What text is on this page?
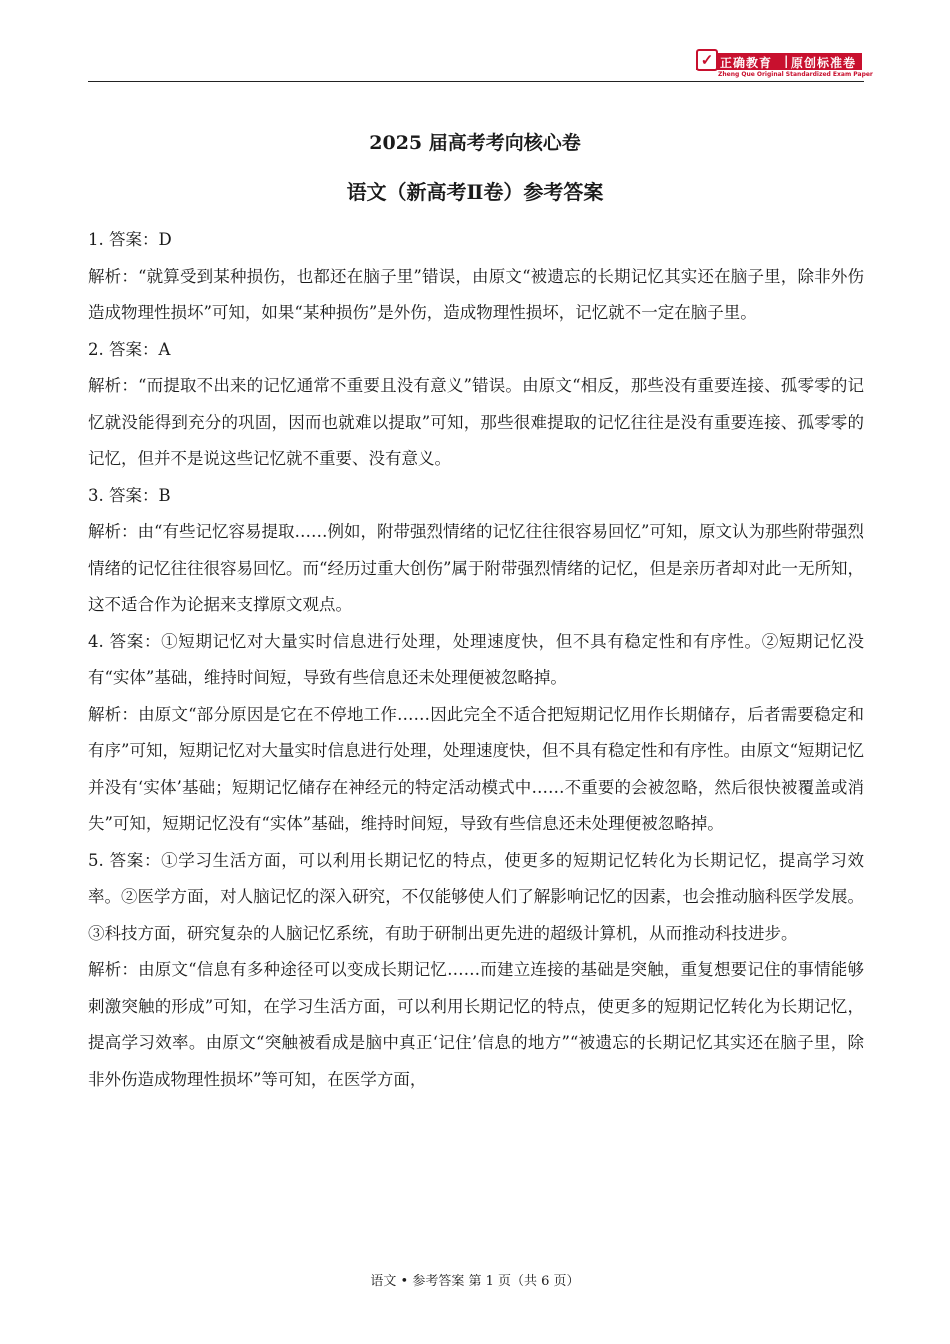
正确教育 | 原创标准卷
✓
Zheng Que Original Standardized Exam Paper
2025 届高考考向核心卷
语文（新高考Ⅱ卷）参考答案

1. 答案：D

解析：“就算受到某种损伤，也都还在脑子里”错误，由原文“被遗忘的长期记忆其实还在脑子里，除非外伤造成物理性损坏”可知，如果“某种损伤”是外伤，造成物理性损坏，记忆就不一定在脑子里。

2. 答案：A

解析：“而提取不出来的记忆通常不重要且没有意义”错误。由原文“相反，那些没有重要连接、孤零零的记忆就没能得到充分的巩固，因而也就难以提取”可知，那些很难提取的记忆往往是没有重要连接、孤零零的记忆，但并不是说这些记忆就不重要、没有意义。

3. 答案：B

解析：由“有些记忆容易提取……例如，附带强烈情绪的记忆往往很容易回忆”可知，原文认为那些附带强烈情绪的记忆往往很容易回忆。而“经历过重大创伤”属于附带强烈情绪的记忆，但是亲历者却对此一无所知，这不适合作为论据来支撑原文观点。

4. 答案：①短期记忆对大量实时信息进行处理，处理速度快，但不具有稳定性和有序性。②短期记忆没有“实体”基础，维持时间短，导致有些信息还未处理便被忽略掉。

解析：由原文“部分原因是它在不停地工作……因此完全不适合把短期记忆用作长期储存，后者需要稳定和有序”可知，短期记忆对大量实时信息进行处理，处理速度快，但不具有稳定性和有序性。由原文“短期记忆并没有‘实体’基础；短期记忆储存在神经元的特定活动模式中……不重要的会被忽略，然后很快被覆盖或消失”可知，短期记忆没有“实体”基础，维持时间短，导致有些信息还未处理便被忽略掉。

5. 答案：①学习生活方面，可以利用长期记忆的特点，使更多的短期记忆转化为长期记忆，提高学习效率。②医学方面，对人脑记忆的深入研究，不仅能够使人们了解影响记忆的因素，也会推动脑科医学发展。③科技方面，研究复杂的人脑记忆系统，有助于研制出更先进的超级计算机，从而推动科技进步。

解析：由原文“信息有多种途径可以变成长期记忆……而建立连接的基础是突触，重复想要记住的事情能够刺激突触的形成”可知，在学习生活方面，可以利用长期记忆的特点，使更多的短期记忆转化为长期记忆，提高学习效率。由原文“突触被看成是脑中真正‘记住’信息的地方”“被遗忘的长期记忆其实还在脑子里，除非外伤造成物理性损坏”等可知，在医学方面，

语文 • 参考答案 第 1 页（共 6 页）
